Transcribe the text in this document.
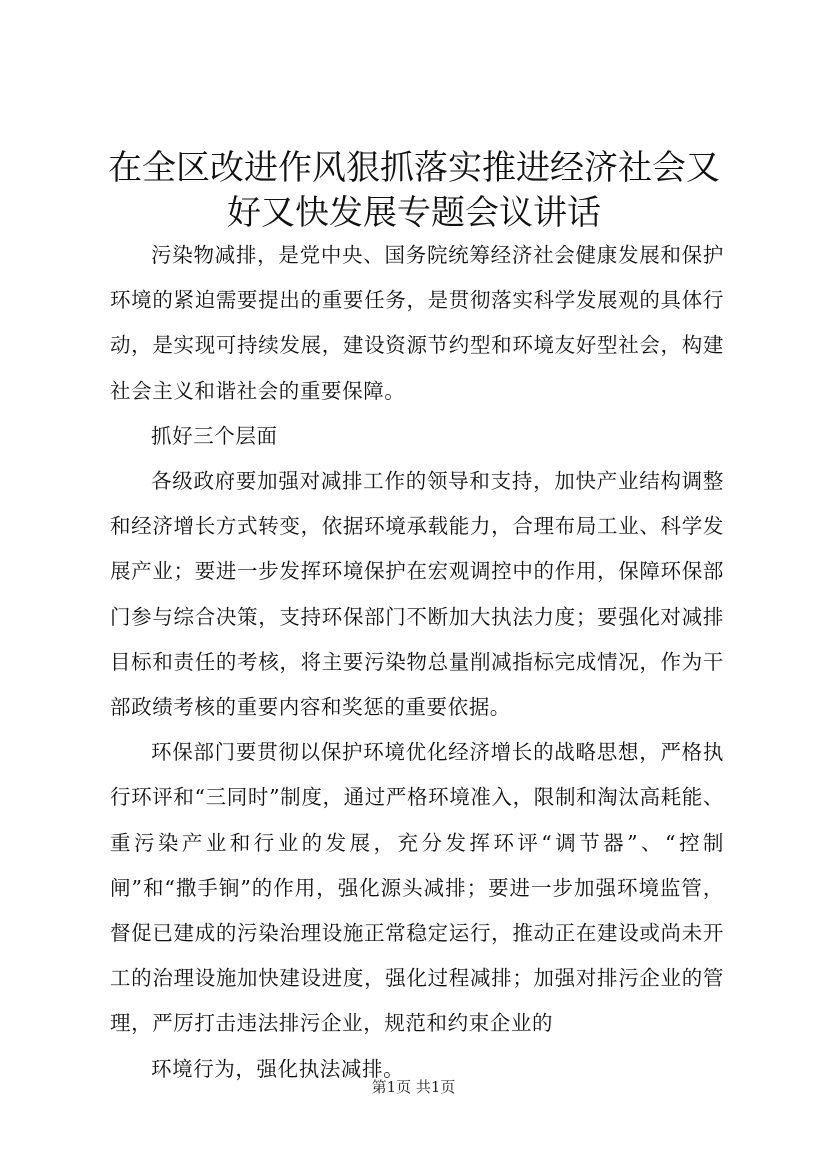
在全区改进作风狠抓落实推进经济社会又好又快发展专题会议讲话

污染物减排，是党中央、国务院统筹经济社会健康发展和保护环境的紧迫需要提出的重要任务，是贯彻落实科学发展观的具体行动，是实现可持续发展，建设资源节约型和环境友好型社会，构建社会主义和谐社会的重要保障。

抓好三个层面

各级政府要加强对减排工作的领导和支持，加快产业结构调整和经济增长方式转变，依据环境承载能力，合理布局工业、科学发展产业；要进一步发挥环境保护在宏观调控中的作用，保障环保部门参与综合决策，支持环保部门不断加大执法力度；要强化对减排目标和责任的考核，将主要污染物总量削减指标完成情况，作为干部政绩考核的重要内容和奖惩的重要依据。

环保部门要贯彻以保护环境优化经济增长的战略思想，严格执行环评和“三同时”制度，通过严格环境准入，限制和淘汰高耗能、重污染产业和行业的发展，充分发挥环评“调节器”、“控制闸”和“撒手锏”的作用，强化源头减排；要进一步加强环境监管，督促已建成的污染治理设施正常稳定运行，推动正在建设或尚未开工的治理设施加快建设进度，强化过程减排；加强对排污企业的管理，严厉打击违法排污企业，规范和约束企业的

环境行为，强化执法减排。

第1页 共1页
